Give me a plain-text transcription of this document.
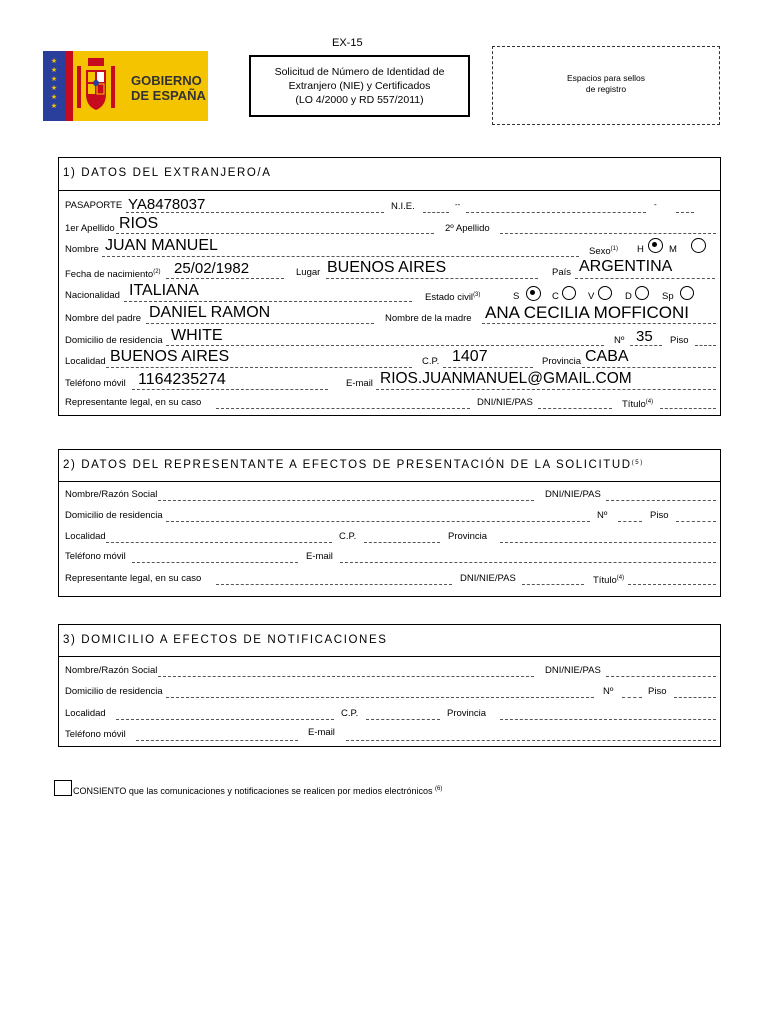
★
★
★
★
★
★
GOBIERNO
DE ESPAÑA
EX-15
Solicitud de Número de Identidad de
Extranjero (NIE) y Certificados
(LO 4/2000 y RD 557/2011)
Espacios para sellos
de registro
1) DATOS DEL EXTRANJERO/A
PASAPORTE YA8478037	N.I.E.	--	-
1er Apellido RIOS	2º Apellido
Nombre JUAN MANUEL	Sexo$^{(1)}$ H	M
Fecha de nacimiento$^{(2)}$ 25/02/1982	Lugar BUENOS AIRES	País ARGENTINA
Nacionalidad ITALIANA	Estado civil$^{(3)}$	S	C	V	D	Sp
Nombre del padre DANIEL RAMON	Nombre de la madre ANA CECILIA MOFFICONI
Domicilio de residencia WHITE	Nº 35 Piso
Localidad BUENOS AIRES	C.P. 1407	Provincia CABA
Teléfono móvil 1164235274	E-mail RIOS.JUANMANUEL@GMAIL.COM
Representante legal, en su caso	DNI/NIE/PAS	Título$^{(4)}$
2) DATOS DEL REPRESENTANTE A EFECTOS DE PRESENTACIÓN DE LA SOLICITUD$^{(5)}$
Nombre/Razón Social	DNI/NIE/PAS
Domicilio de residencia	Nº	Piso
Localidad	C.P.	Provincia
Teléfono móvil	E-mail
Representante legal, en su caso	DNI/NIE/PAS	Título$^{(4)}$
3) DOMICILIO A EFECTOS DE NOTIFICACIONES
Nombre/Razón Social	DNI/NIE/PAS
Domicilio de residencia	Nº	Piso
Localidad	C.P.	Provincia
Teléfono móvil	E-mail
CONSIENTO que las comunicaciones y notificaciones se realicen por medios electrónicos $^{(6)}$
